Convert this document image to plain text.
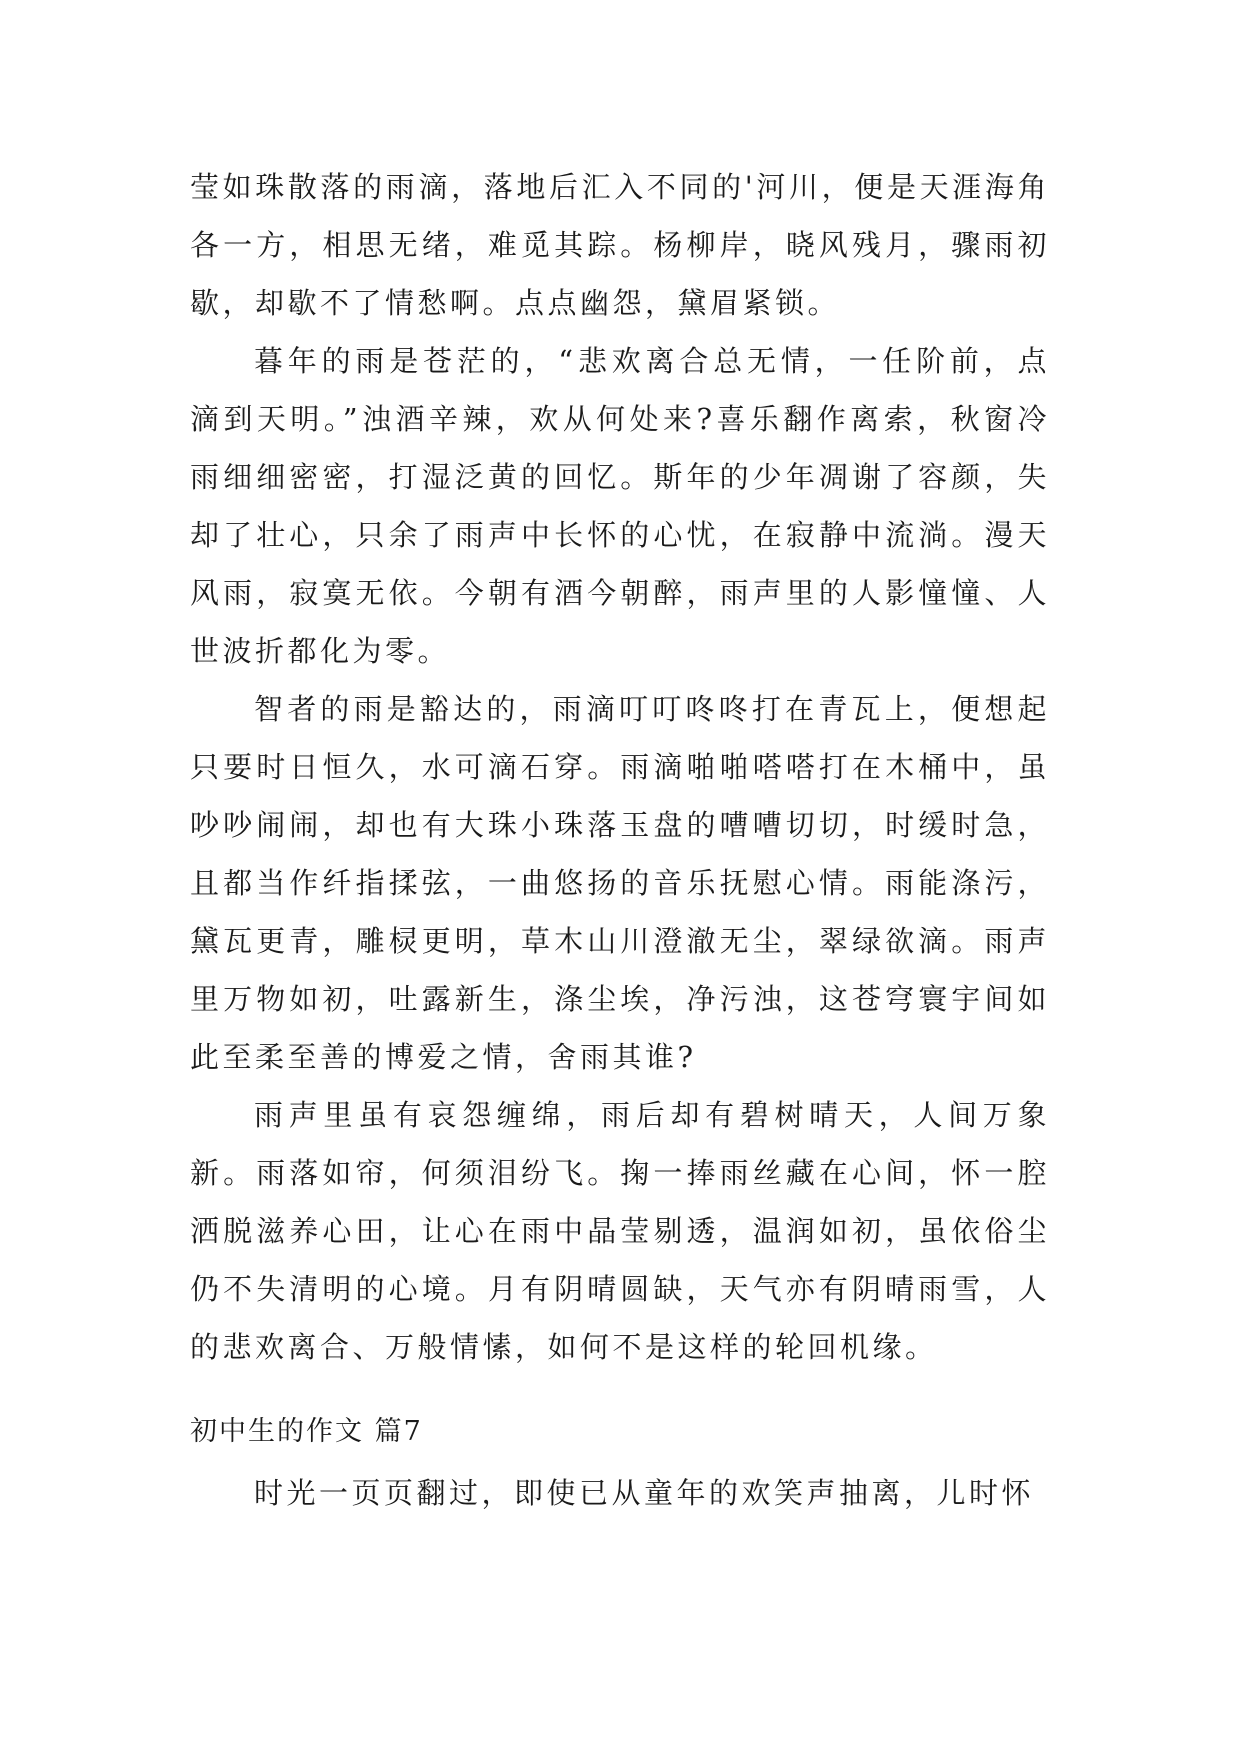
莹如珠散落的雨滴，落地后汇入不同的'河川，便是天涯海角各一方，相思无绪，难觅其踪。杨柳岸，晓风残月，骤雨初歇，却歇不了情愁啊。点点幽怨，黛眉紧锁。

暮年的雨是苍茫的，“悲欢离合总无情，一任阶前，点滴到天明。”浊酒辛辣，欢从何处来?喜乐翻作离索，秋窗冷雨细细密密，打湿泛黄的回忆。斯年的少年凋谢了容颜，失却了壮心，只余了雨声中长怀的心忧，在寂静中流淌。漫天风雨，寂寞无依。今朝有酒今朝醉，雨声里的人影憧憧、人世波折都化为零。

智者的雨是豁达的，雨滴叮叮咚咚打在青瓦上，便想起只要时日恒久，水可滴石穿。雨滴啪啪嗒嗒打在木桶中，虽吵吵闹闹，却也有大珠小珠落玉盘的嘈嘈切切，时缓时急，且都当作纤指揉弦，一曲悠扬的音乐抚慰心情。雨能涤污，黛瓦更青，雕棂更明，草木山川澄澈无尘，翠绿欲滴。雨声里万物如初，吐露新生，涤尘埃，净污浊，这苍穹寰宇间如此至柔至善的博爱之情，舍雨其谁?

雨声里虽有哀怨缠绵，雨后却有碧树晴天，人间万象新。雨落如帘，何须泪纷飞。掬一捧雨丝藏在心间，怀一腔洒脱滋养心田，让心在雨中晶莹剔透，温润如初，虽依俗尘仍不失清明的心境。月有阴晴圆缺，天气亦有阴晴雨雪，人的悲欢离合、万般情愫，如何不是这样的轮回机缘。

初中生的作文 篇7

时光一页页翻过，即使已从童年的欢笑声抽离，儿时怀
